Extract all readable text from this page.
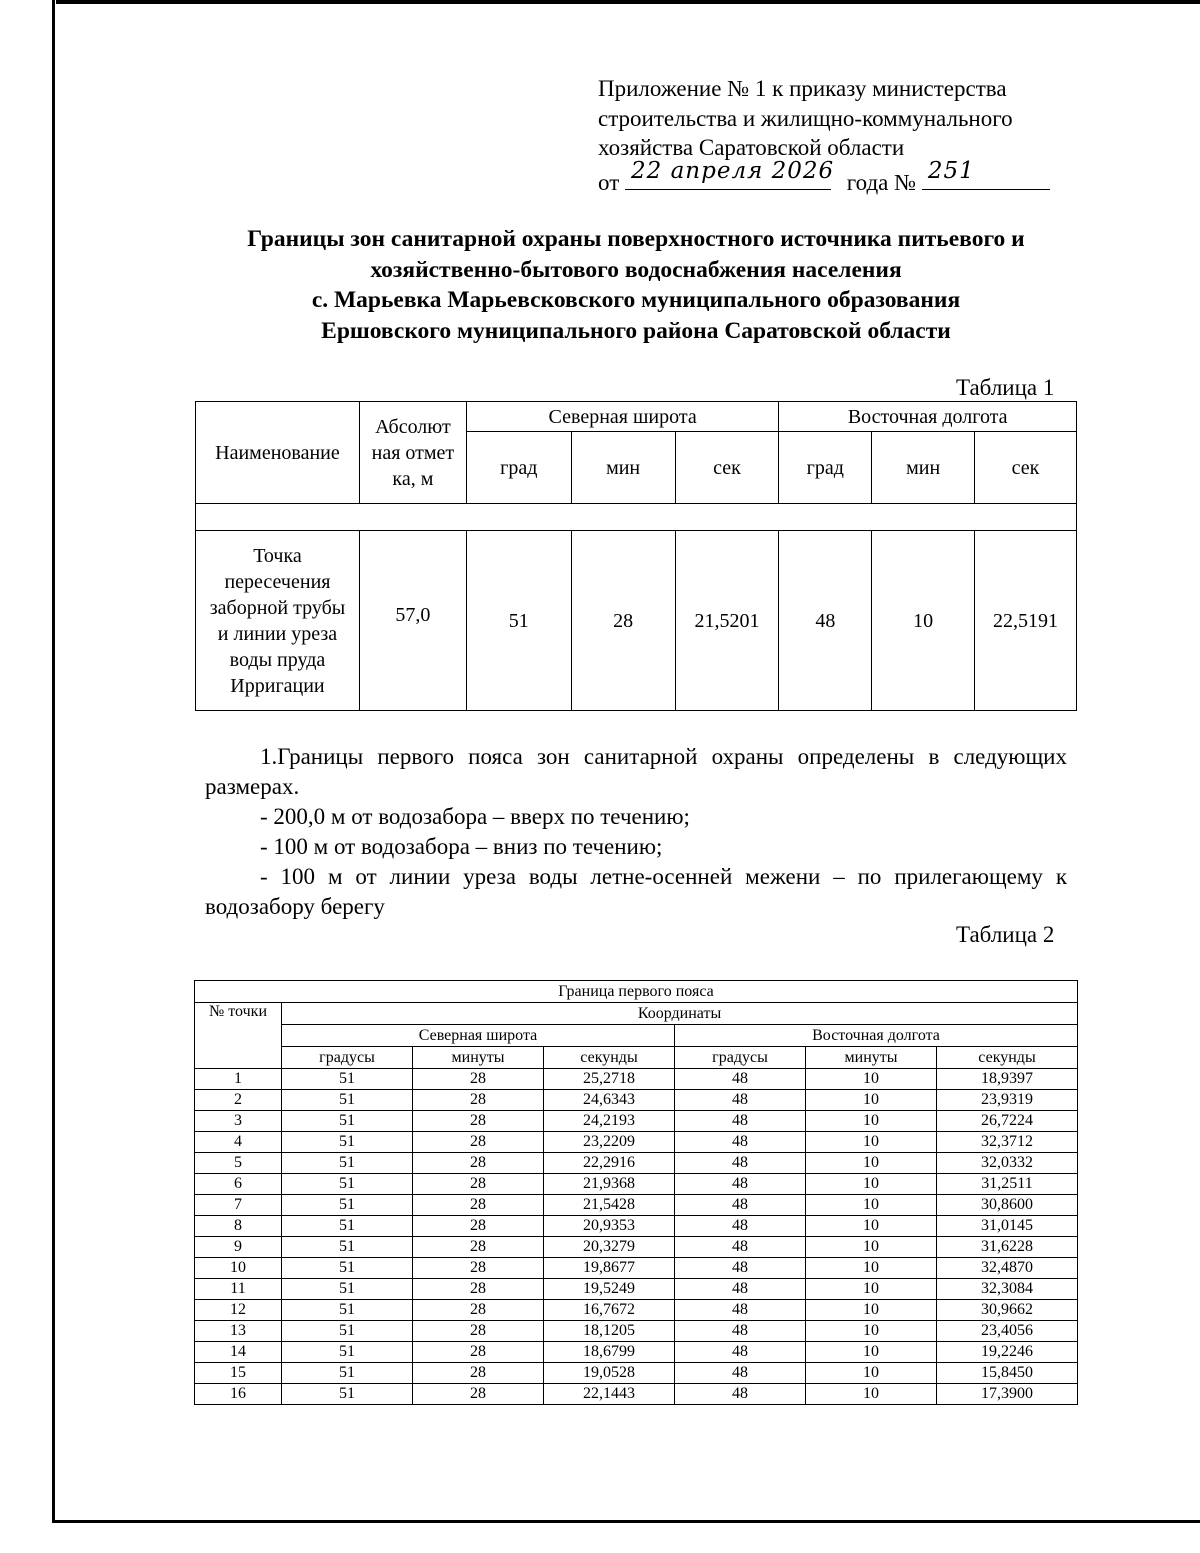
Приложение № 1 к приказу министерства
строительства и жилищно-коммунального
хозяйства Саратовской области
от 22 апреля 2026 года № 251
Границы зон санитарной охраны поверхностного источника питьевого и
хозяйственно-бытового водоснабжения населения
с. Марьевка Марьевсковского муниципального образования
Ершовского муниципального района Саратовской области
Таблица 1
Наименование	Абсолютная отметка, м	Северная широта			Восточная долгота		
		град	мин	сек	град	мин	сек

Точка пересечения заборной трубы и линии уреза воды пруда Ирригации	57,0	51	28	21,5201	48	10	22,5191

1.Границы первого пояса зон санитарной охраны определены в следующих размерах.

- 200,0 м от водозабора – вверх по течению;

- 100 м от водозабора – вниз по течению;

- 100 м от линии уреза воды летне-осенней межени – по прилегающему к водозабору берегу

Таблица 2
Граница первого пояса						
№ точки	Координаты					
	Северная широта			Восточная долгота		
	градусы	минуты	секунды	градусы	минуты	секунды
1	51	28	25,2718	48	10	18,9397
2	51	28	24,6343	48	10	23,9319
3	51	28	24,2193	48	10	26,7224
4	51	28	23,2209	48	10	32,3712
5	51	28	22,2916	48	10	32,0332
6	51	28	21,9368	48	10	31,2511
7	51	28	21,5428	48	10	30,8600
8	51	28	20,9353	48	10	31,0145
9	51	28	20,3279	48	10	31,6228
10	51	28	19,8677	48	10	32,4870
11	51	28	19,5249	48	10	32,3084
12	51	28	16,7672	48	10	30,9662
13	51	28	18,1205	48	10	23,4056
14	51	28	18,6799	48	10	19,2246
15	51	28	19,0528	48	10	15,8450
16	51	28	22,1443	48	10	17,3900
